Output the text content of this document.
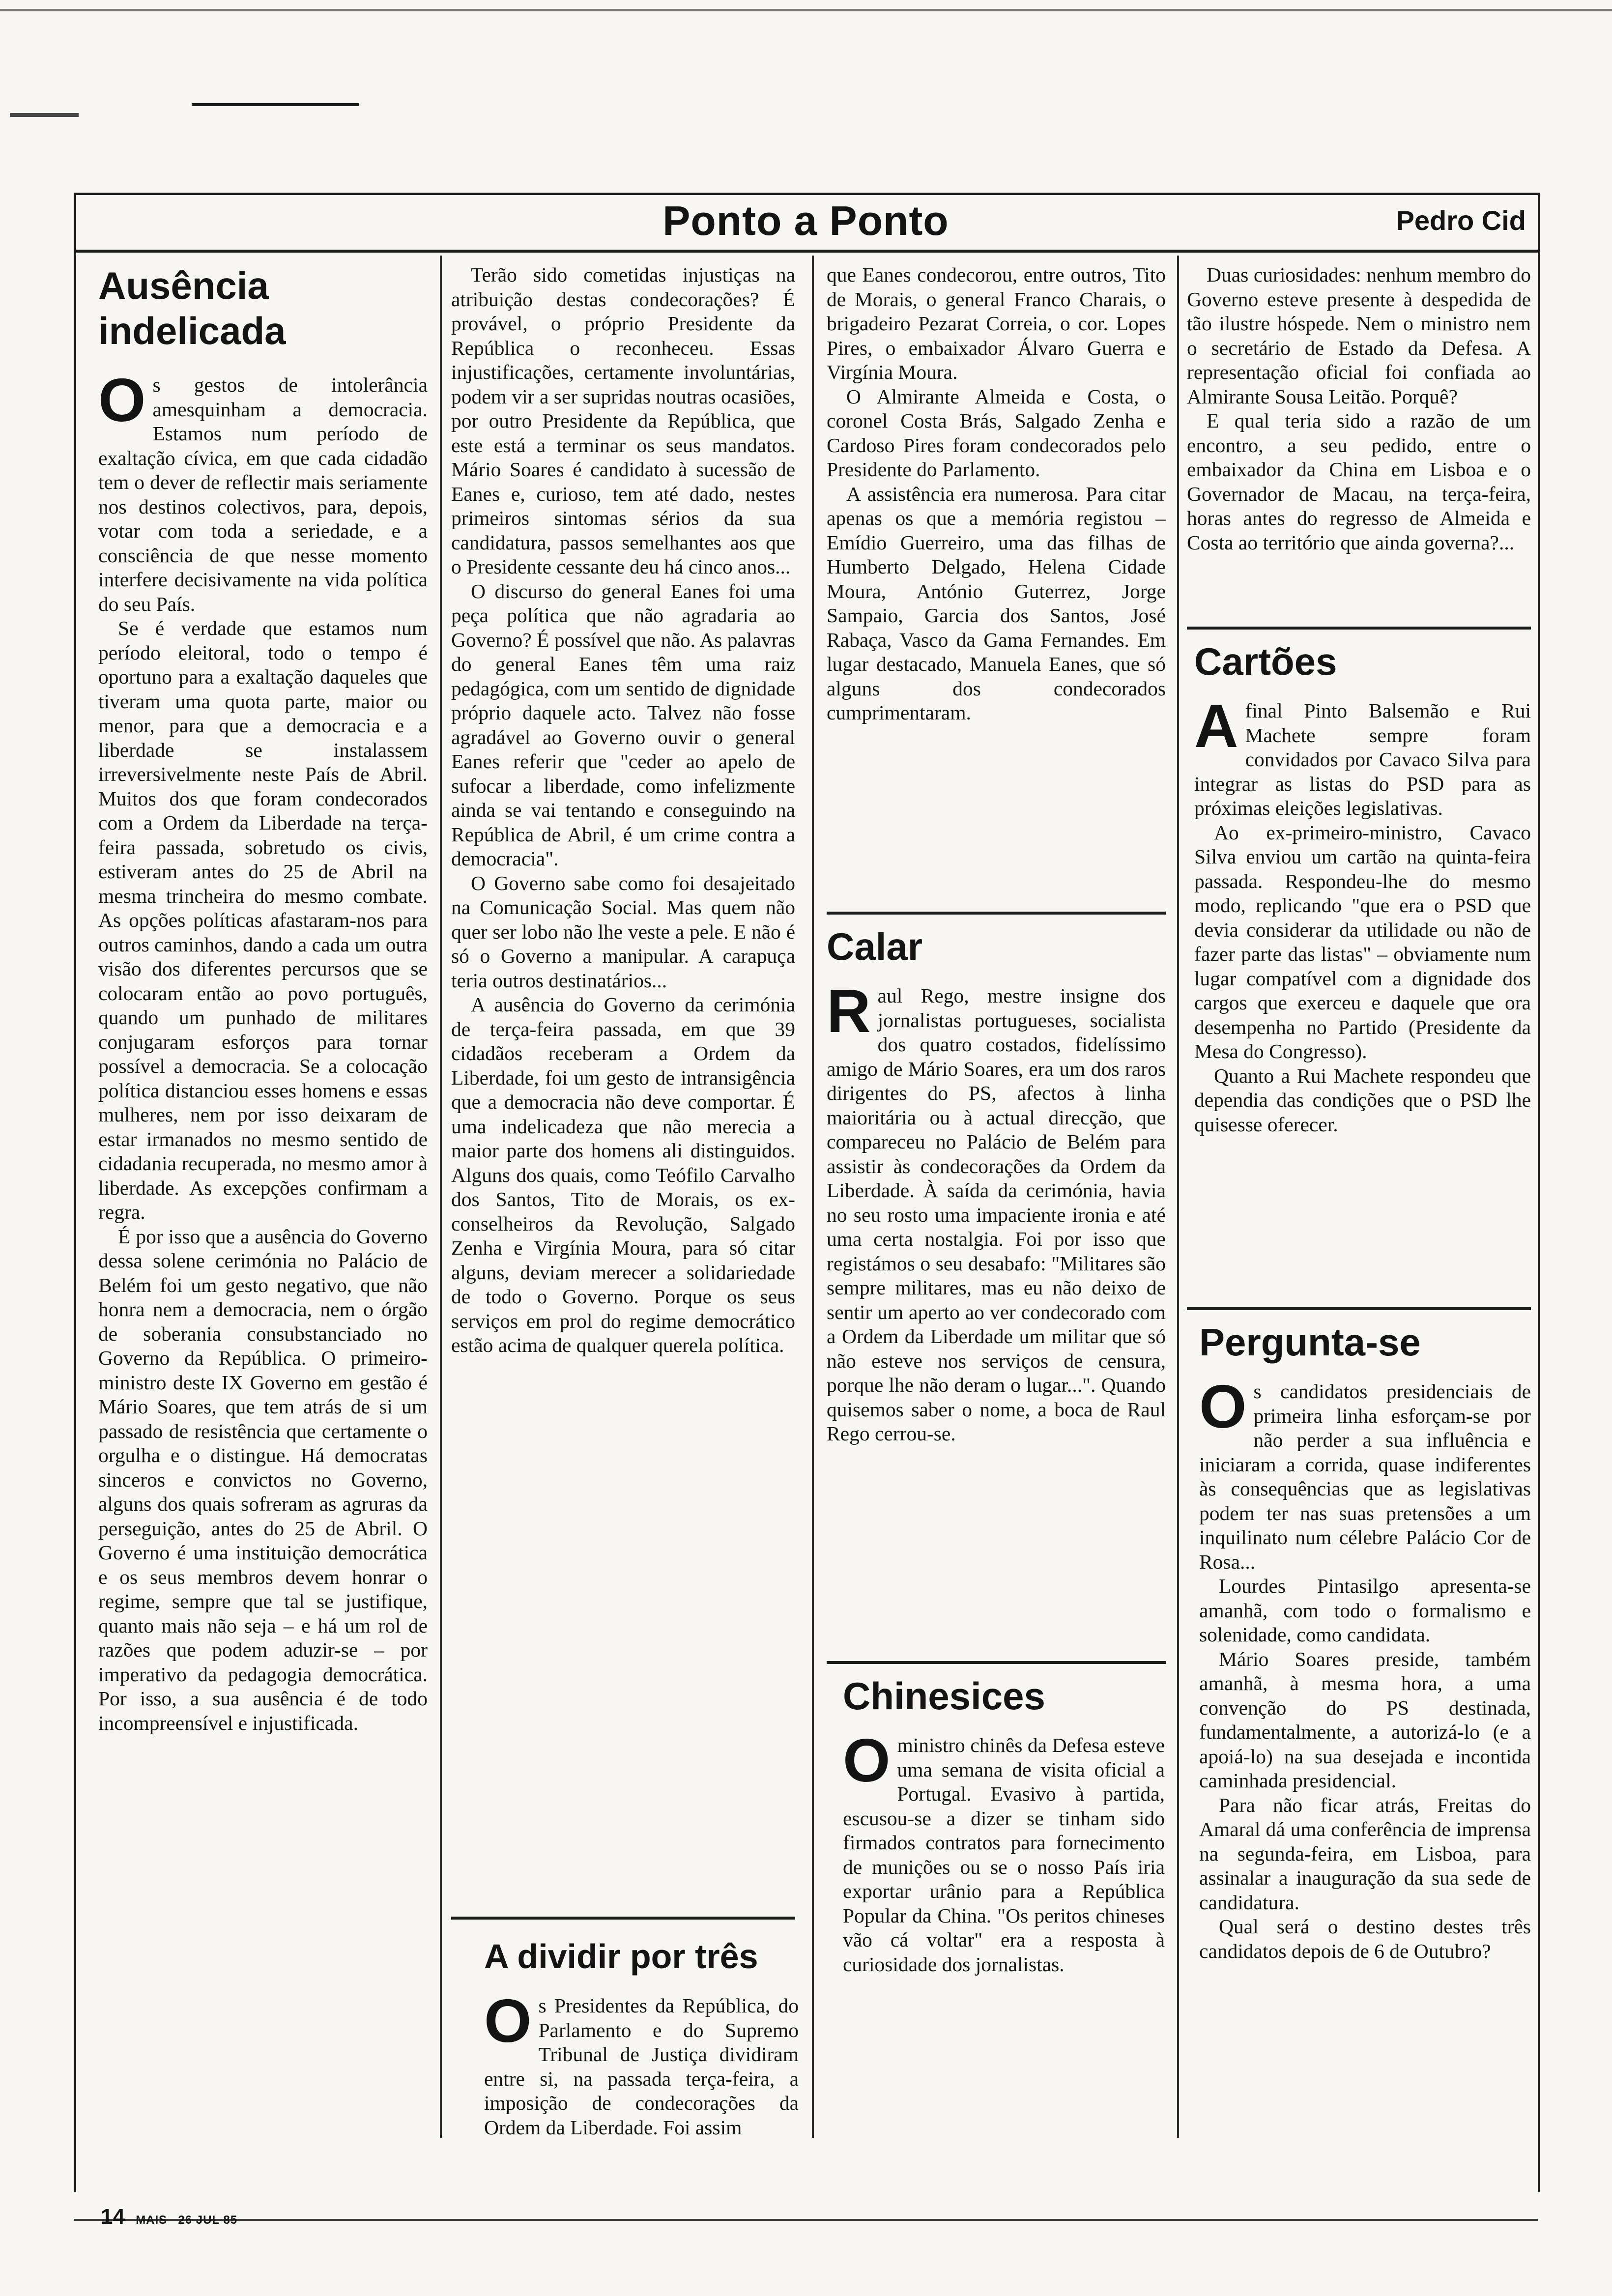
Ponto a Ponto	Pedro Cid
Ausência indelicada

Os gestos de intolerância amesquinham a democracia. Estamos num período de exaltação cívica, em que cada cidadão tem o dever de reflectir mais seriamente nos destinos colectivos, para, depois, votar com toda a seriedade, e a consciência de que nesse momento interfere decisivamente na vida política do seu País.

Se é verdade que estamos num período eleitoral, todo o tempo é oportuno para a exaltação daqueles que tiveram uma quota parte, maior ou menor, para que a democracia e a liberdade se instalassem irreversivelmente neste País de Abril. Muitos dos que foram condecorados com a Ordem da Liberdade na terça-feira passada, sobretudo os civis, estiveram antes do 25 de Abril na mesma trincheira do mesmo combate. As opções políticas afastaram-nos para outros caminhos, dando a cada um outra visão dos diferentes percursos que se colocaram então ao povo português, quando um punhado de militares conjugaram esforços para tornar possível a democracia. Se a colocação política distanciou esses homens e essas mulheres, nem por isso deixaram de estar irmanados no mesmo sentido de cidadania recuperada, no mesmo amor à liberdade. As excepções confirmam a regra.

É por isso que a ausência do Governo dessa solene cerimónia no Palácio de Belém foi um gesto negativo, que não honra nem a democracia, nem o órgão de soberania consubstanciado no Governo da República. O primeiro-ministro deste IX Governo em gestão é Mário Soares, que tem atrás de si um passado de resistência que certamente o orgulha e o distingue. Há democratas sinceros e convictos no Governo, alguns dos quais sofreram as agruras da perseguição, antes do 25 de Abril. O Governo é uma instituição democrática e os seus membros devem honrar o regime, sempre que tal se justifique, quanto mais não seja – e há um rol de razões que podem aduzir-se – por imperativo da pedagogia democrática. Por isso, a sua ausência é de todo incompreensível e injustificada.

Terão sido cometidas injustiças na atribuição destas condecorações? É provável, o próprio Presidente da República o reconheceu. Essas injustificações, certamente involuntárias, podem vir a ser supridas noutras ocasiões, por outro Presidente da República, que este está a terminar os seus mandatos. Mário Soares é candidato à sucessão de Eanes e, curioso, tem até dado, nestes primeiros sintomas sérios da sua candidatura, passos semelhantes aos que o Presidente cessante deu há cinco anos...

O discurso do general Eanes foi uma peça política que não agradaria ao Governo? É possível que não. As palavras do general Eanes têm uma raiz pedagógica, com um sentido de dignidade próprio daquele acto. Talvez não fosse agradável ao Governo ouvir o general Eanes referir que "ceder ao apelo de sufocar a liberdade, como infelizmente ainda se vai tentando e conseguindo na República de Abril, é um crime contra a democracia".

O Governo sabe como foi desajeitado na Comunicação Social. Mas quem não quer ser lobo não lhe veste a pele. E não é só o Governo a manipular. A carapuça teria outros destinatários...

A ausência do Governo da cerimónia de terça-feira passada, em que 39 cidadãos receberam a Ordem da Liberdade, foi um gesto de intransigência que a democracia não deve comportar. É uma indelicadeza que não merecia a maior parte dos homens ali distinguidos. Alguns dos quais, como Teófilo Carvalho dos Santos, Tito de Morais, os ex-conselheiros da Revolução, Salgado Zenha e Virgínia Moura, para só citar alguns, deviam merecer a solidariedade de todo o Governo. Porque os seus serviços em prol do regime democrático estão acima de qualquer querela política.

A dividir por três

Os Presidentes da República, do Parlamento e do Supremo Tribunal de Justiça dividiram entre si, na passada terça-feira, a imposição de condecorações da Ordem da Liberdade. Foi assim

que Eanes condecorou, entre outros, Tito de Morais, o general Franco Charais, o brigadeiro Pezarat Correia, o cor. Lopes Pires, o embaixador Álvaro Guerra e Virgínia Moura.

O Almirante Almeida e Costa, o coronel Costa Brás, Salgado Zenha e Cardoso Pires foram condecorados pelo Presidente do Parlamento.

A assistência era numerosa. Para citar apenas os que a memória registou – Emídio Guerreiro, uma das filhas de Humberto Delgado, Helena Cidade Moura, António Guterrez, Jorge Sampaio, Garcia dos Santos, José Rabaça, Vasco da Gama Fernandes. Em lugar destacado, Manuela Eanes, que só alguns dos condecorados cumprimentaram.

Calar

Raul Rego, mestre insigne dos jornalistas portugueses, socialista dos quatro costados, fidelíssimo amigo de Mário Soares, era um dos raros dirigentes do PS, afectos à linha maioritária ou à actual direcção, que compareceu no Palácio de Belém para assistir às condecorações da Ordem da Liberdade. À saída da cerimónia, havia no seu rosto uma impaciente ironia e até uma certa nostalgia. Foi por isso que registámos o seu desabafo: "Militares são sempre militares, mas eu não deixo de sentir um aperto ao ver condecorado com a Ordem da Liberdade um militar que só não esteve nos serviços de censura, porque lhe não deram o lugar...". Quando quisemos saber o nome, a boca de Raul Rego cerrou-se.

Chinesices

Oministro chinês da Defesa esteve uma semana de visita oficial a Portugal. Evasivo à partida, escusou-se a dizer se tinham sido firmados contratos para fornecimento de munições ou se o nosso País iria exportar urânio para a República Popular da China. "Os peritos chineses vão cá voltar" era a resposta à curiosidade dos jornalistas.

Duas curiosidades: nenhum membro do Governo esteve presente à despedida de tão ilustre hóspede. Nem o ministro nem o secretário de Estado da Defesa. A representação oficial foi confiada ao Almirante Sousa Leitão. Porquê?

E qual teria sido a razão de um encontro, a seu pedido, entre o embaixador da China em Lisboa e o Governador de Macau, na terça-feira, horas antes do regresso de Almeida e Costa ao território que ainda governa?...

Cartões

Afinal Pinto Balsemão e Rui Machete sempre foram convidados por Cavaco Silva para integrar as listas do PSD para as próximas eleições legislativas.

Ao ex-primeiro-ministro, Cavaco Silva enviou um cartão na quinta-feira passada. Respondeu-lhe do mesmo modo, replicando "que era o PSD que devia considerar da utilidade ou não de fazer parte das listas" – obviamente num lugar compatível com a dignidade dos cargos que exerceu e daquele que ora desempenha no Partido (Presidente da Mesa do Congresso).

Quanto a Rui Machete respondeu que dependia das condições que o PSD lhe quisesse oferecer.

Pergunta-se

Os candidatos presidenciais de primeira linha esforçam-se por não perder a sua influência e iniciaram a corrida, quase indiferentes às consequências que as legislativas podem ter nas suas pretensões a um inquilinato num célebre Palácio Cor de Rosa...

Lourdes Pintasilgo apresenta-se amanhã, com todo o formalismo e solenidade, como candidata.

Mário Soares preside, também amanhã, à mesma hora, a uma convenção do PS destinada, fundamentalmente, a autorizá-lo (e a apoiá-lo) na sua desejada e incontida caminhada presidencial.

Para não ficar atrás, Freitas do Amaral dá uma conferência de imprensa na segunda-feira, em Lisboa, para assinalar a inauguração da sua sede de candidatura.

Qual será o destino destes três candidatos depois de 6 de Outubro?

14 MAIS 26 JUL 85
